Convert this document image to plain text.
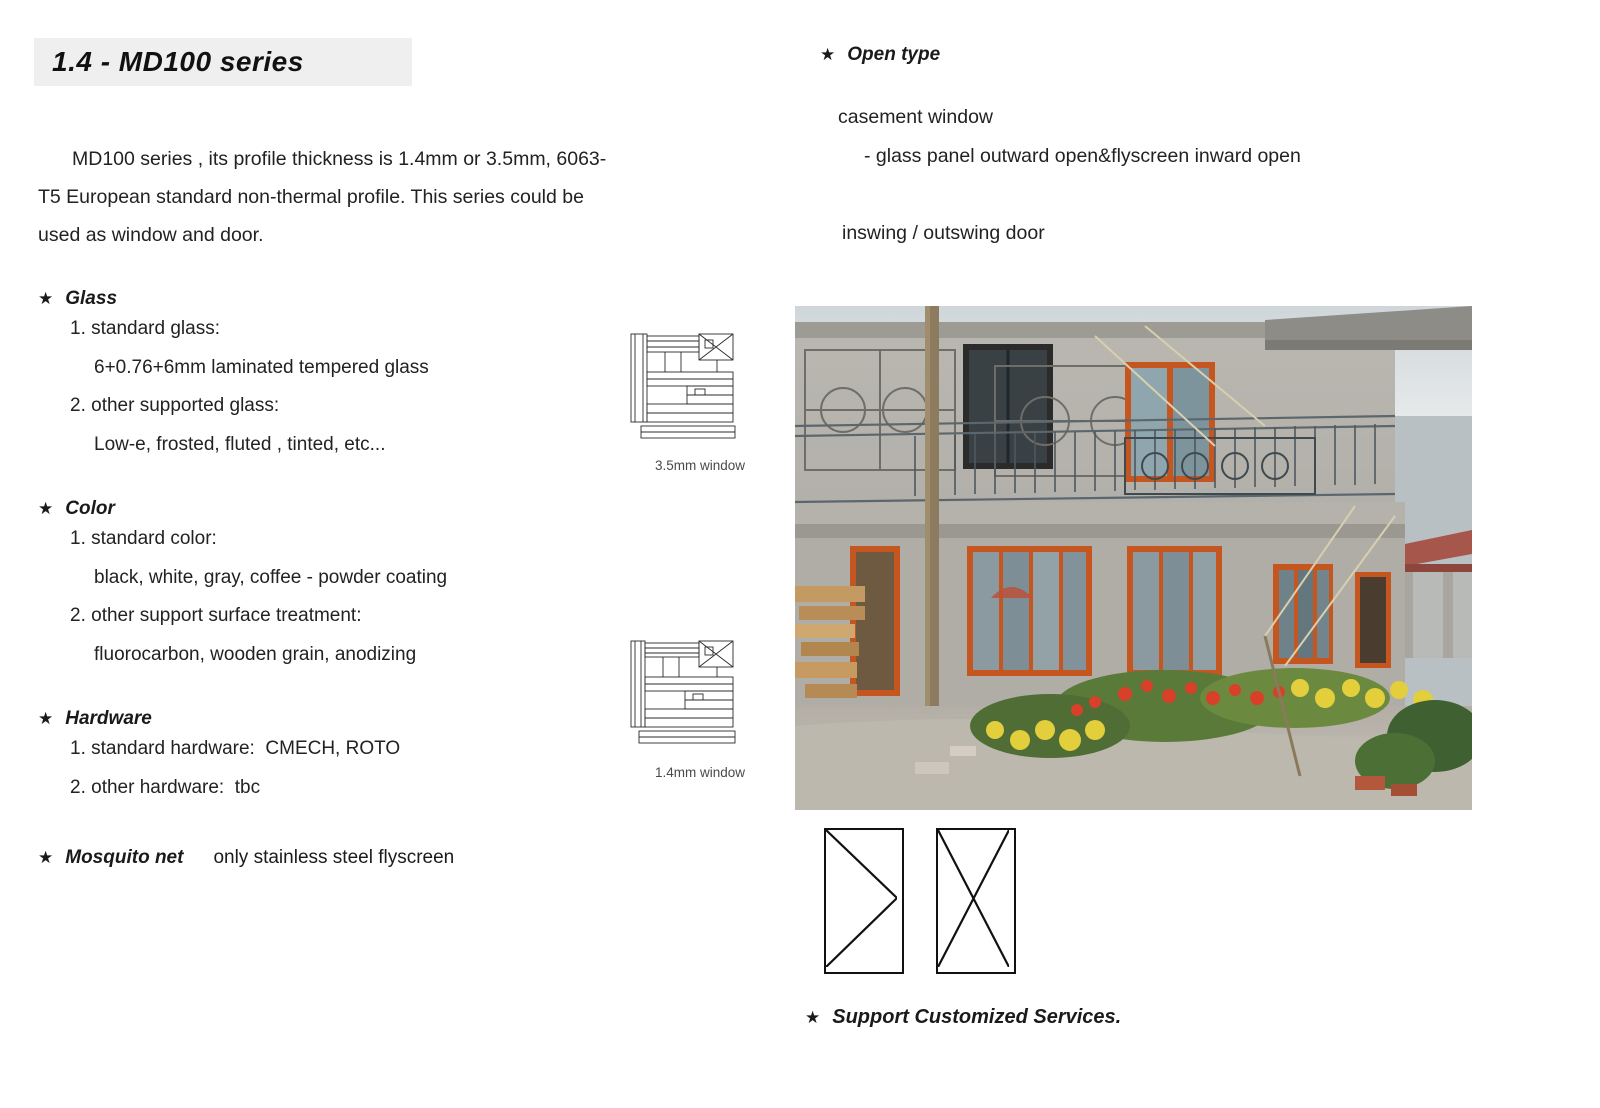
1.4 - MD100 series
MD100 series , its profile thickness is 1.4mm or 3.5mm, 6063-T5 European standard non-thermal profile. This series could be used as window and door.
★ Glass
1. standard glass:
6+0.76+6mm laminated tempered glass
2. other supported glass:
Low-e, frosted, fluted , tinted, etc...
★ Color
1. standard color:
black, white, gray, coffee - powder coating
2. other support surface treatment:
fluorocarbon, wooden grain, anodizing
★ Hardware
1. standard hardware:  CMECH, ROTO
2. other hardware:  tbc
★ Mosquito net	only stainless steel flyscreen
3.5mm window
1.4mm window
★ Open type
casement window
- glass panel outward open&flyscreen inward open
inswing / outswing door
★ Support Customized Services.
